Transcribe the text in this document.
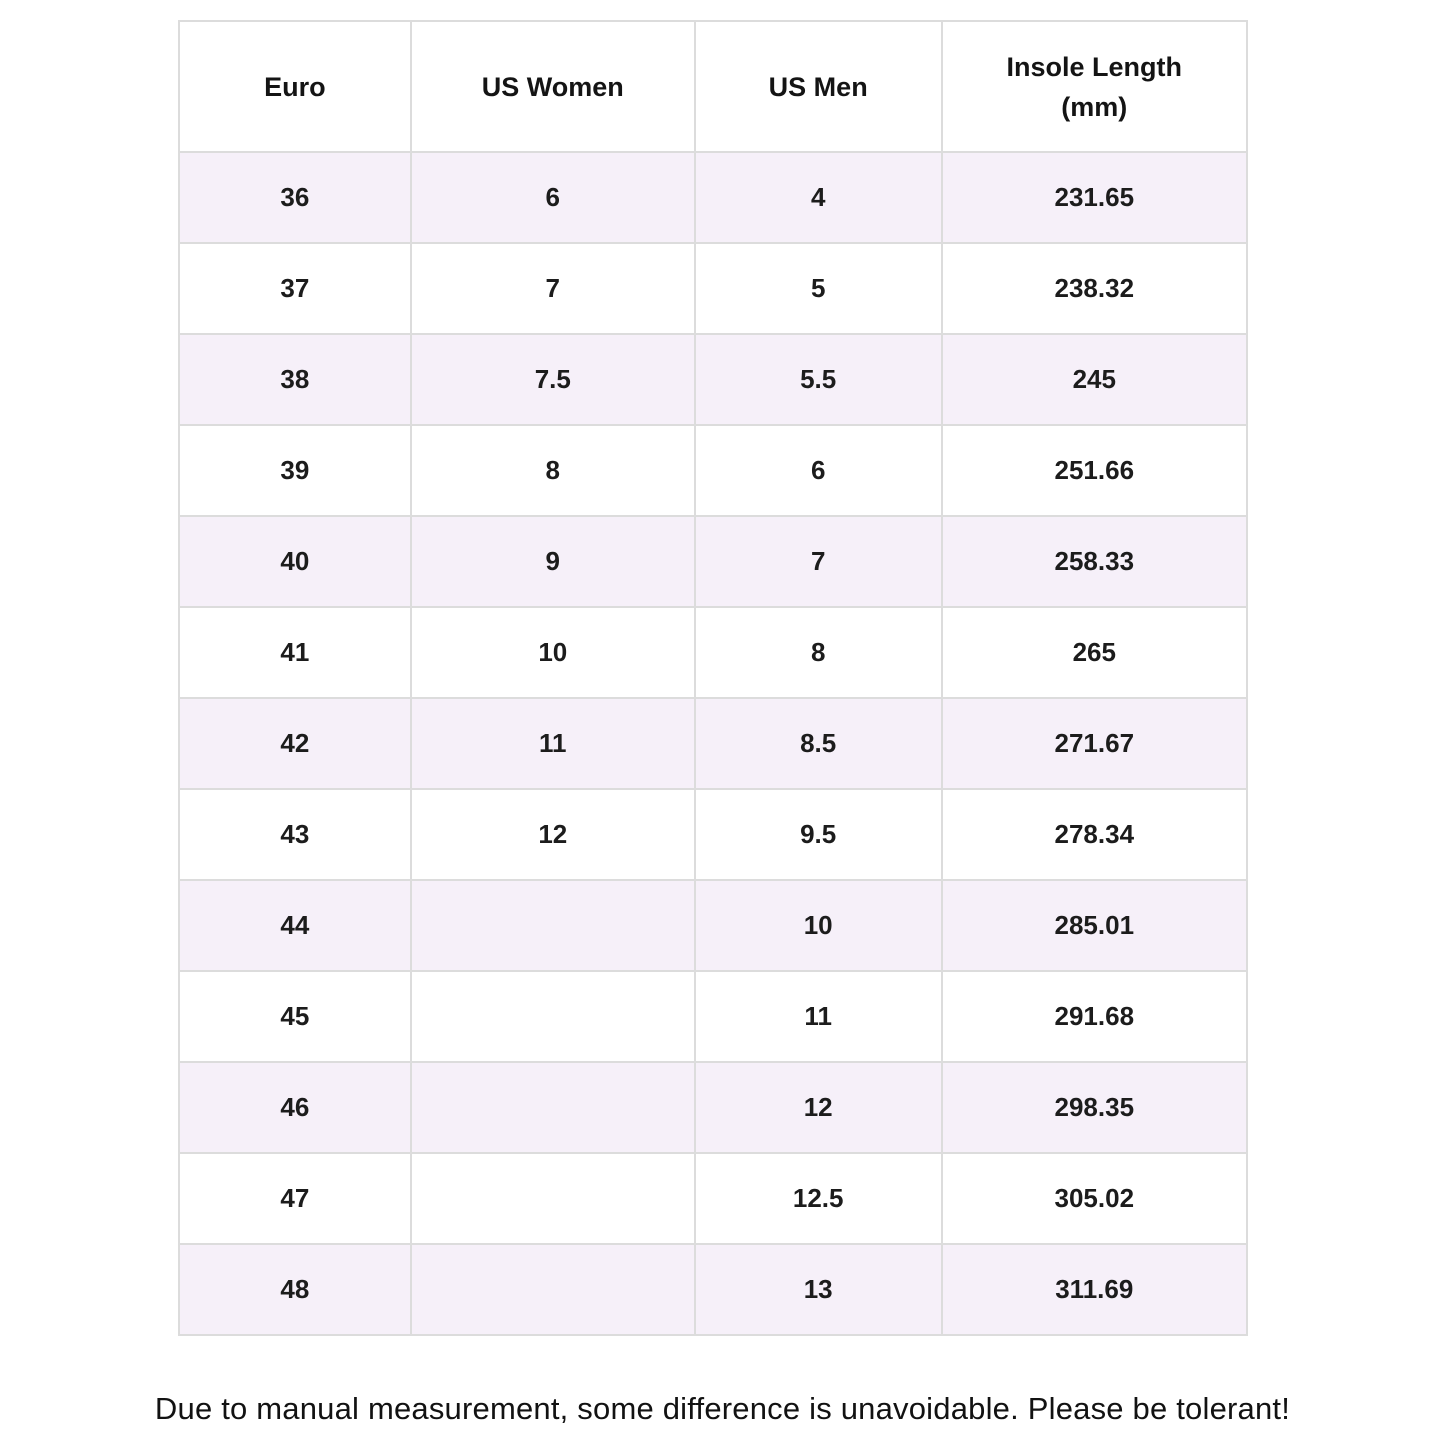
Euro	US Women	US Men	Insole Length
(mm)

36	6	4	231.65
37	7	5	238.32
38	7.5	5.5	245
39	8	6	251.66
40	9	7	258.33
41	10	8	265
42	11	8.5	271.67
43	12	9.5	278.34
44		10	285.01
45		11	291.68
46		12	298.35
47		12.5	305.02
48		13	311.69
Due to manual measurement, some difference is unavoidable. Please be tolerant!
